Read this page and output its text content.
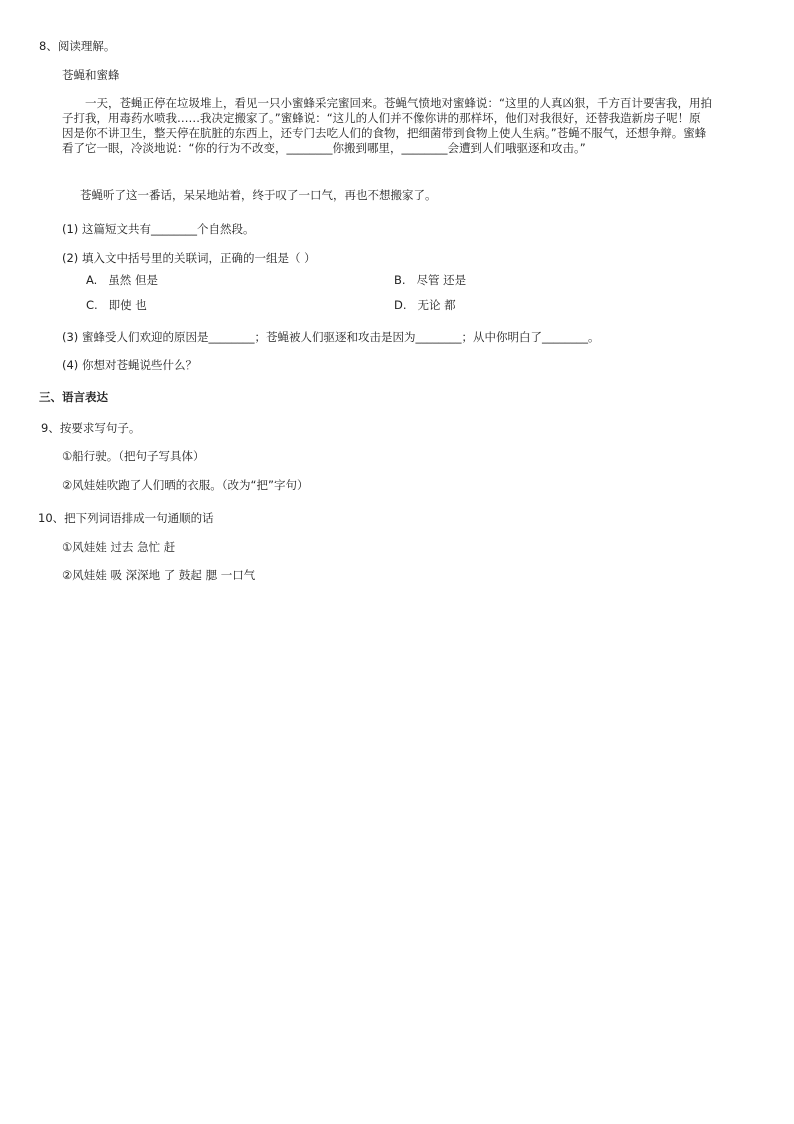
8、阅读理解。
苍蝇和蜜蜂
一天，苍蝇正停在垃圾堆上，看见一只小蜜蜂采完蜜回来。苍蝇气愤地对蜜蜂说：“这里的人真凶狠，千方百计要害我，用拍子打我，用毒药水喷我……我决定搬家了。”蜜蜂说：“这儿的人们并不像你讲的那样坏，他们对我很好，还替我造新房子呢！原因是你不讲卫生，整天停在肮脏的东西上，还专门去吃人们的食物，把细菌带到食物上使人生病。”苍蝇不服气，还想争辩。蜜蜂看了它一眼，冷淡地说：“你的行为不改变，________你搬到哪里，________会遭到人们哦驱逐和攻击。”
苍蝇听了这一番话，呆呆地站着，终于叹了一口气，再也不想搬家了。
(1) 这篇短文共有________个自然段。
(2) 填入文中括号里的关联词，正确的一组是（ ）
A. 虽然 但是	B. 尽管 还是
C. 即使 也	D. 无论 都
(3) 蜜蜂受人们欢迎的原因是________；苍蝇被人们驱逐和攻击是因为________；从中你明白了________。
(4) 你想对苍蝇说些什么？
三、语言表达
9、按要求写句子。
①船行驶。（把句子写具体）
②风娃娃吹跑了人们晒的衣服。（改为“把”字句）
10、把下列词语排成一句通顺的话
①风娃娃 过去 急忙 赶
②风娃娃 吸 深深地 了 鼓起 腮 一口气
